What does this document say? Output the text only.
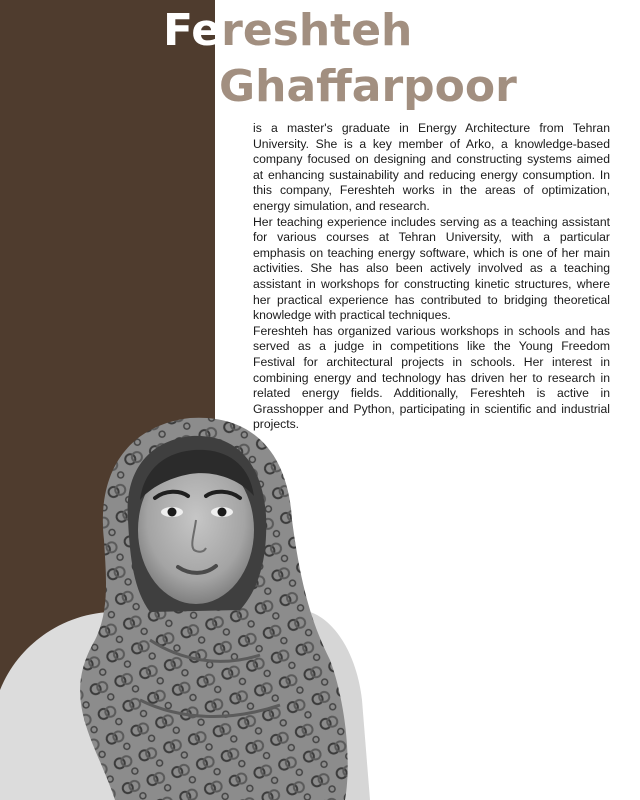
Fereshteh
Ghaffarpoor

is a master's graduate in Energy Architecture from Tehran University. She is a key member of Arko, a knowledge-based company focused on designing and constructing systems aimed at enhancing sustainability and reducing energy consumption. In this company, Fereshteh works in the areas of optimization, energy simulation, and research.

Her teaching experience includes serving as a teaching assistant for various courses at Tehran University, with a particular emphasis on teaching energy software, which is one of her main activities. She has also been actively involved as a teaching assistant in workshops for constructing kinetic structures, where her practical experience has contributed to bridging theoretical knowledge with practical techniques.

Fereshteh has organized various workshops in schools and has served as a judge in competitions like the Young Freedom Festival for architectural projects in schools. Her interest in combining energy and technology has driven her to research in related energy fields. Additionally, Fereshteh is active in Grasshopper and Python, participating in scientific and industrial projects.
